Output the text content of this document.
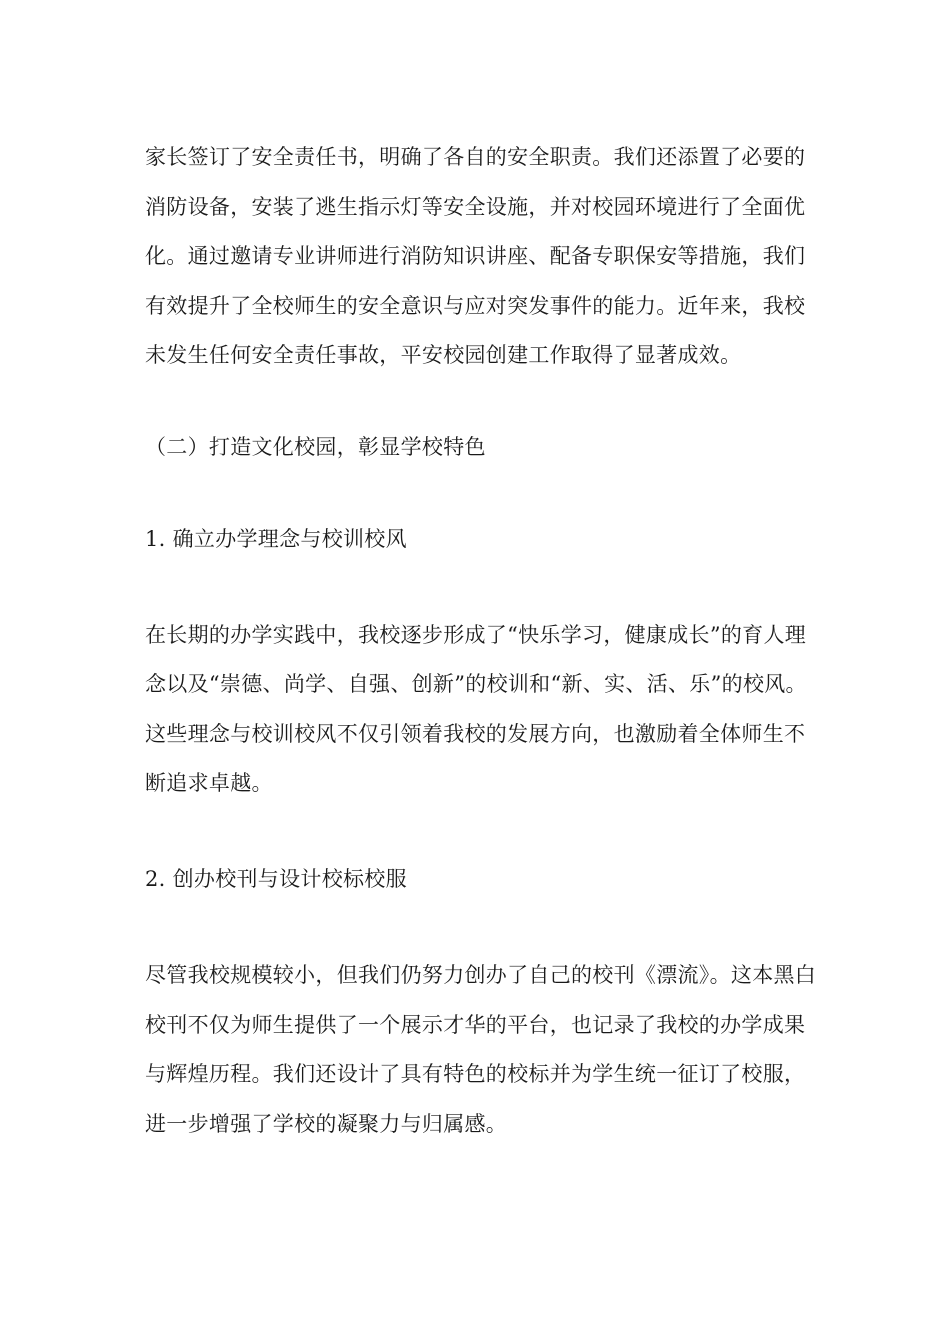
家长签订了安全责任书，明确了各自的安全职责。我们还添置了必要的消防设备，安装了逃生指示灯等安全设施，并对校园环境进行了全面优化。通过邀请专业讲师进行消防知识讲座、配备专职保安等措施，我们有效提升了全校师生的安全意识与应对突发事件的能力。近年来，我校未发生任何安全责任事故，平安校园创建工作取得了显著成效。

（二）打造文化校园，彰显学校特色

1. 确立办学理念与校训校风

在长期的办学实践中，我校逐步形成了“快乐学习，健康成长”的育人理念以及“崇德、尚学、自强、创新”的校训和“新、实、活、乐”的校风。这些理念与校训校风不仅引领着我校的发展方向，也激励着全体师生不断追求卓越。

2. 创办校刊与设计校标校服

尽管我校规模较小，但我们仍努力创办了自己的校刊《漂流》。这本黑白校刊不仅为师生提供了一个展示才华的平台，也记录了我校的办学成果与辉煌历程。我们还设计了具有特色的校标并为学生统一征订了校服，进一步增强了学校的凝聚力与归属感。
